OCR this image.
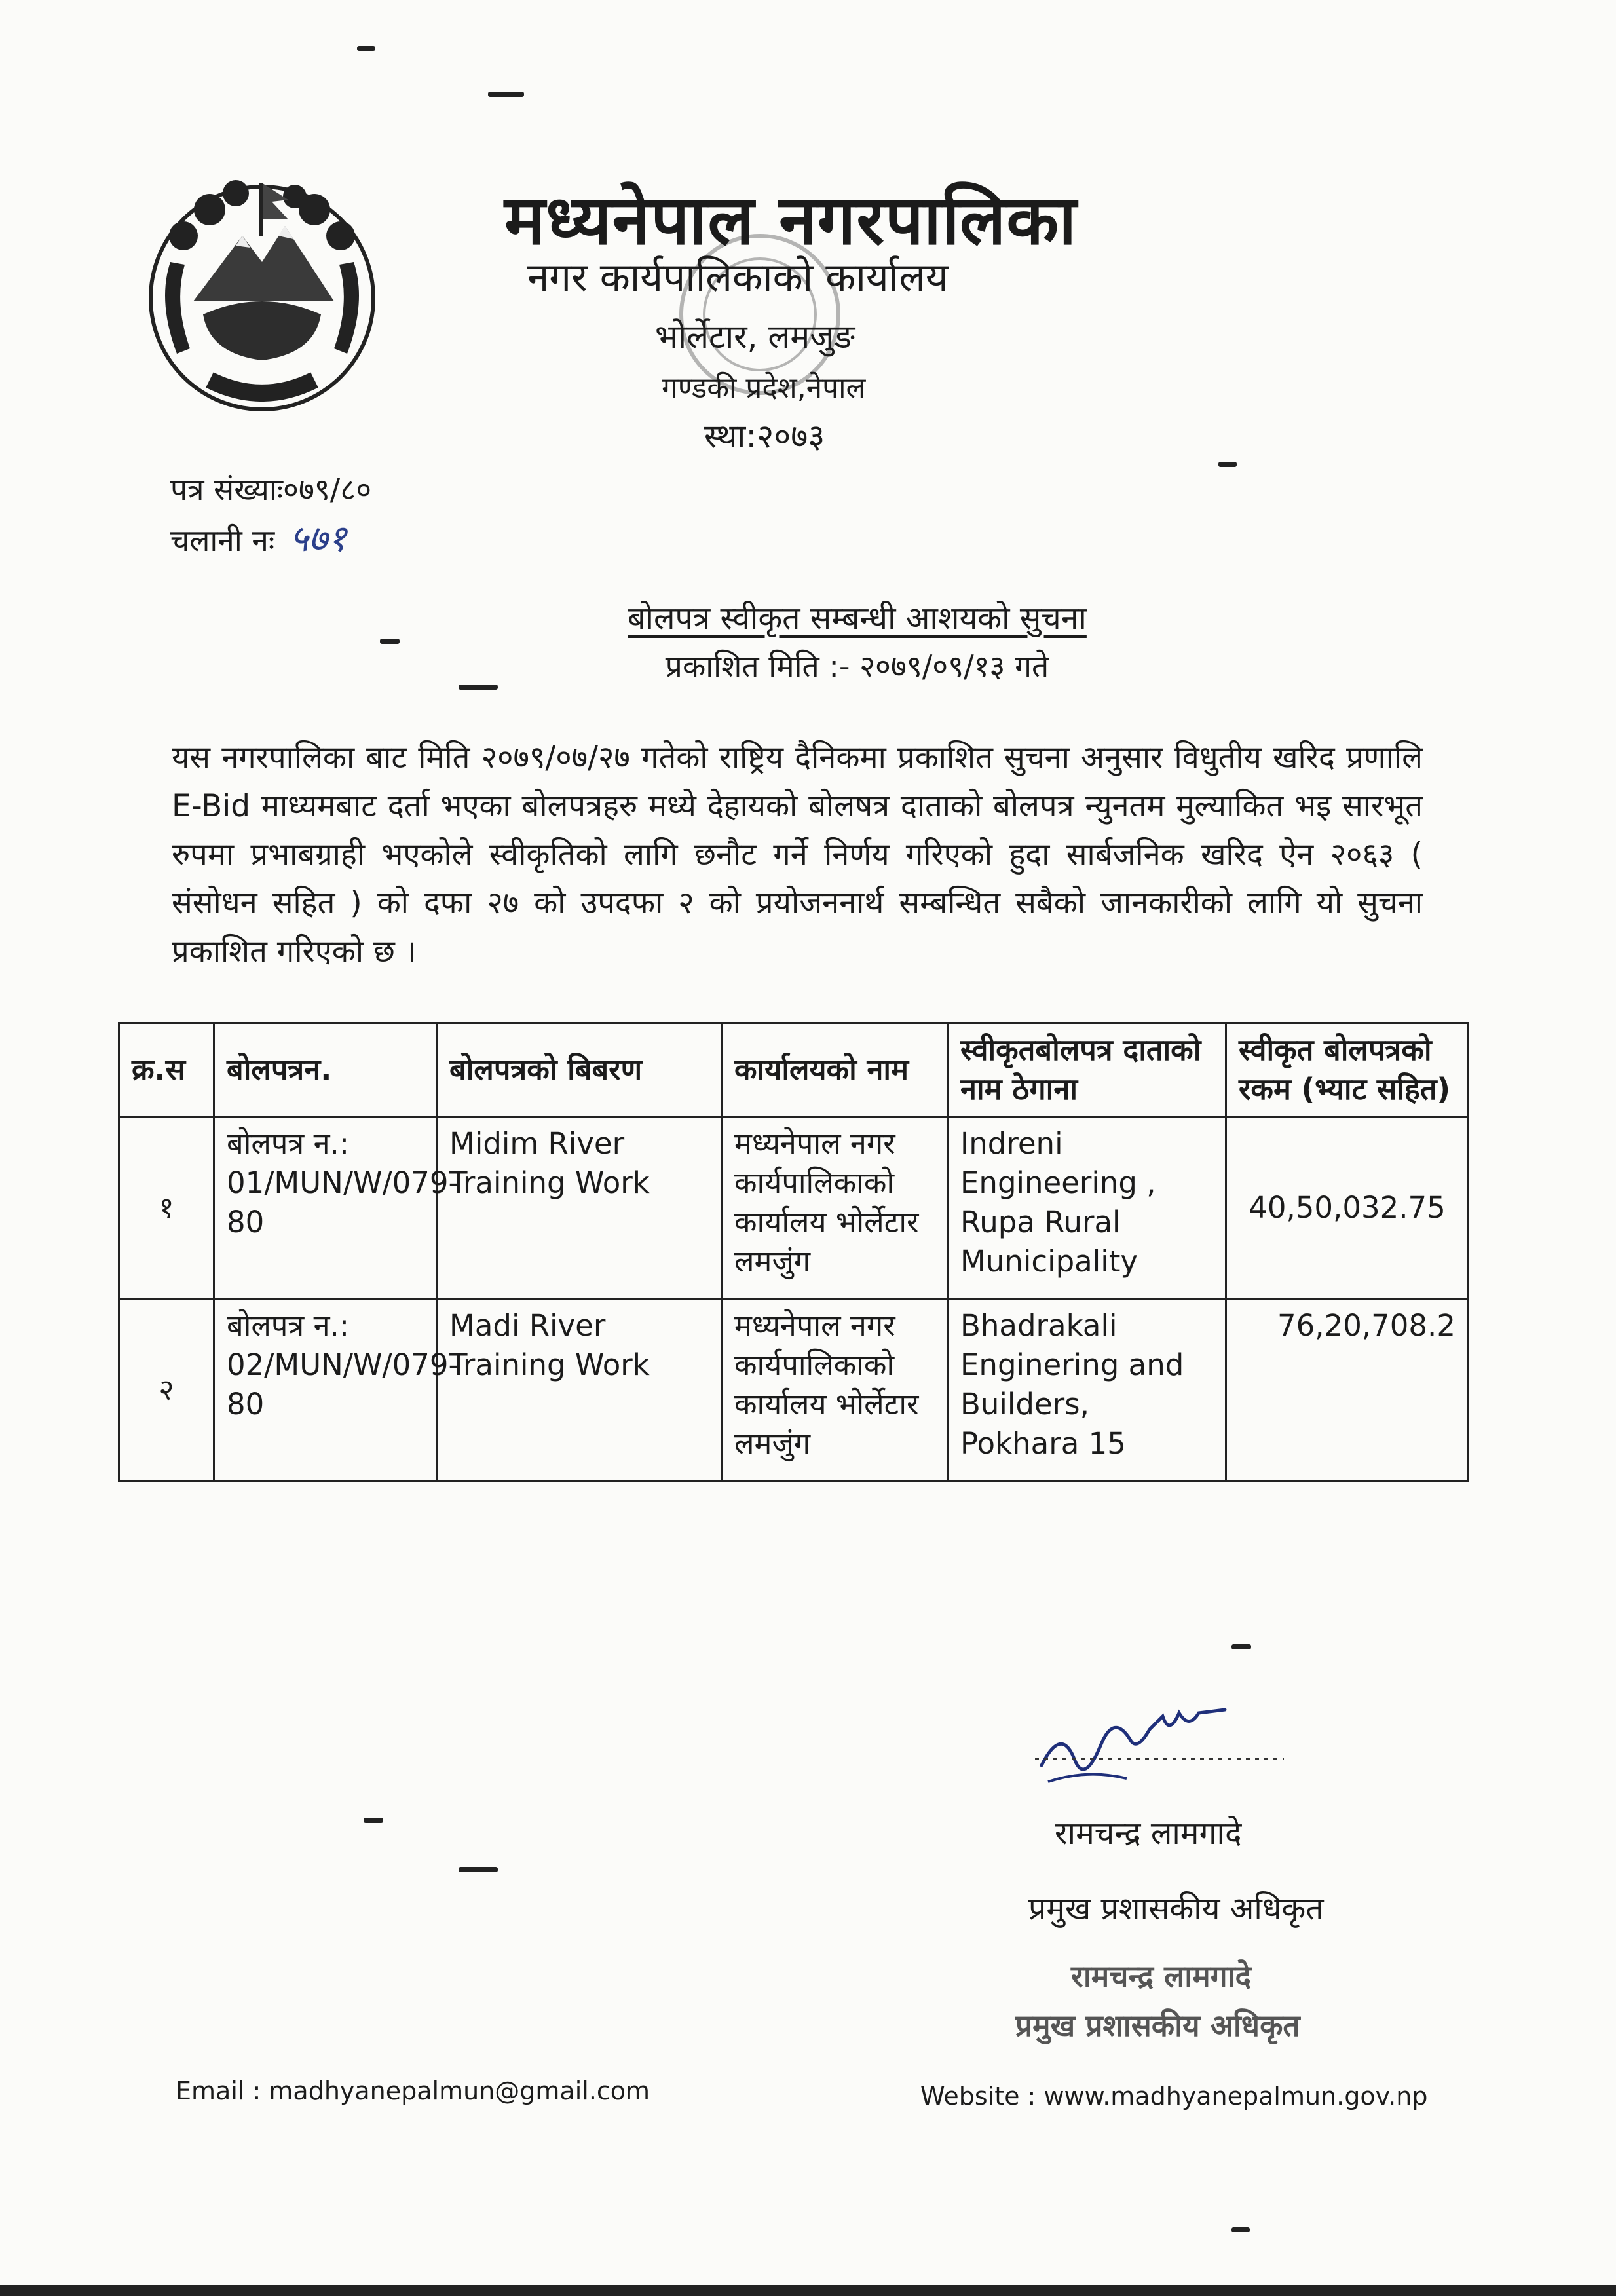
मध्यनेपाल नगरपालिका
नगर कार्यपालिकाको कार्यालय
भोर्लेटार, लमजुङ
गण्डकी प्रदेश,नेपाल
स्था:२०७३
पत्र संख्याः०७९/८०
चलानी नः ५७१
बोलपत्र स्वीकृत सम्बन्धी आशयको सुचना
प्रकाशित मिति :- २०७९/०९/१३ गते
यस नगरपालिका बाट मिति २०७९/०७/२७ गतेको राष्ट्रिय दैनिकमा प्रकाशित सुचना अनुसार विधुतीय खरिद प्रणालि E-Bid माध्यमबाट दर्ता भएका बोलपत्रहरु मध्ये देहायको बोलषत्र दाताको बोलपत्र न्युनतम मुल्याकित भइ सारभूत रुपमा प्रभाबग्राही भएकोले स्वीकृतिको लागि छनौट गर्ने निर्णय गरिएको हुदा सार्बजनिक खरिद ऐन २०६३ ( संसोधन सहित ) को दफा २७ को उपदफा २ को प्रयोजननार्थ सम्बन्धित सबैको जानकारीको लागि यो सुचना प्रकाशित गरिएको छ ।
क्र.स	बोलपत्रन.	बोलपत्रको बिबरण	कार्यालयको नाम	स्वीकृतबोलपत्र दाताको नाम ठेगाना	स्वीकृत बोलपत्रको रकम (भ्याट सहित)
१	बोलपत्र न.: 01/MUN/W/079-80	Midim River Training Work	मध्यनेपाल नगर कार्यपालिकाको कार्यालय भोर्लेटार लमजुंग	Indreni Engineering , Rupa Rural Municipality	40,50,032.75
२	बोलपत्र न.: 02/MUN/W/079-80	Madi River Training Work	मध्यनेपाल नगर कार्यपालिकाको कार्यालय भोर्लेटार लमजुंग	Bhadrakali Enginering and Builders, Pokhara 15	76,20,708.2
रामचन्द्र लामगादे
प्रमुख प्रशासकीय अधिकृत
रामचन्द्र लामगादे
प्रमुख प्रशासकीय अधिकृत
Email : madhyanepalmun@gmail.com	Website : www.madhyanepalmun.gov.np
